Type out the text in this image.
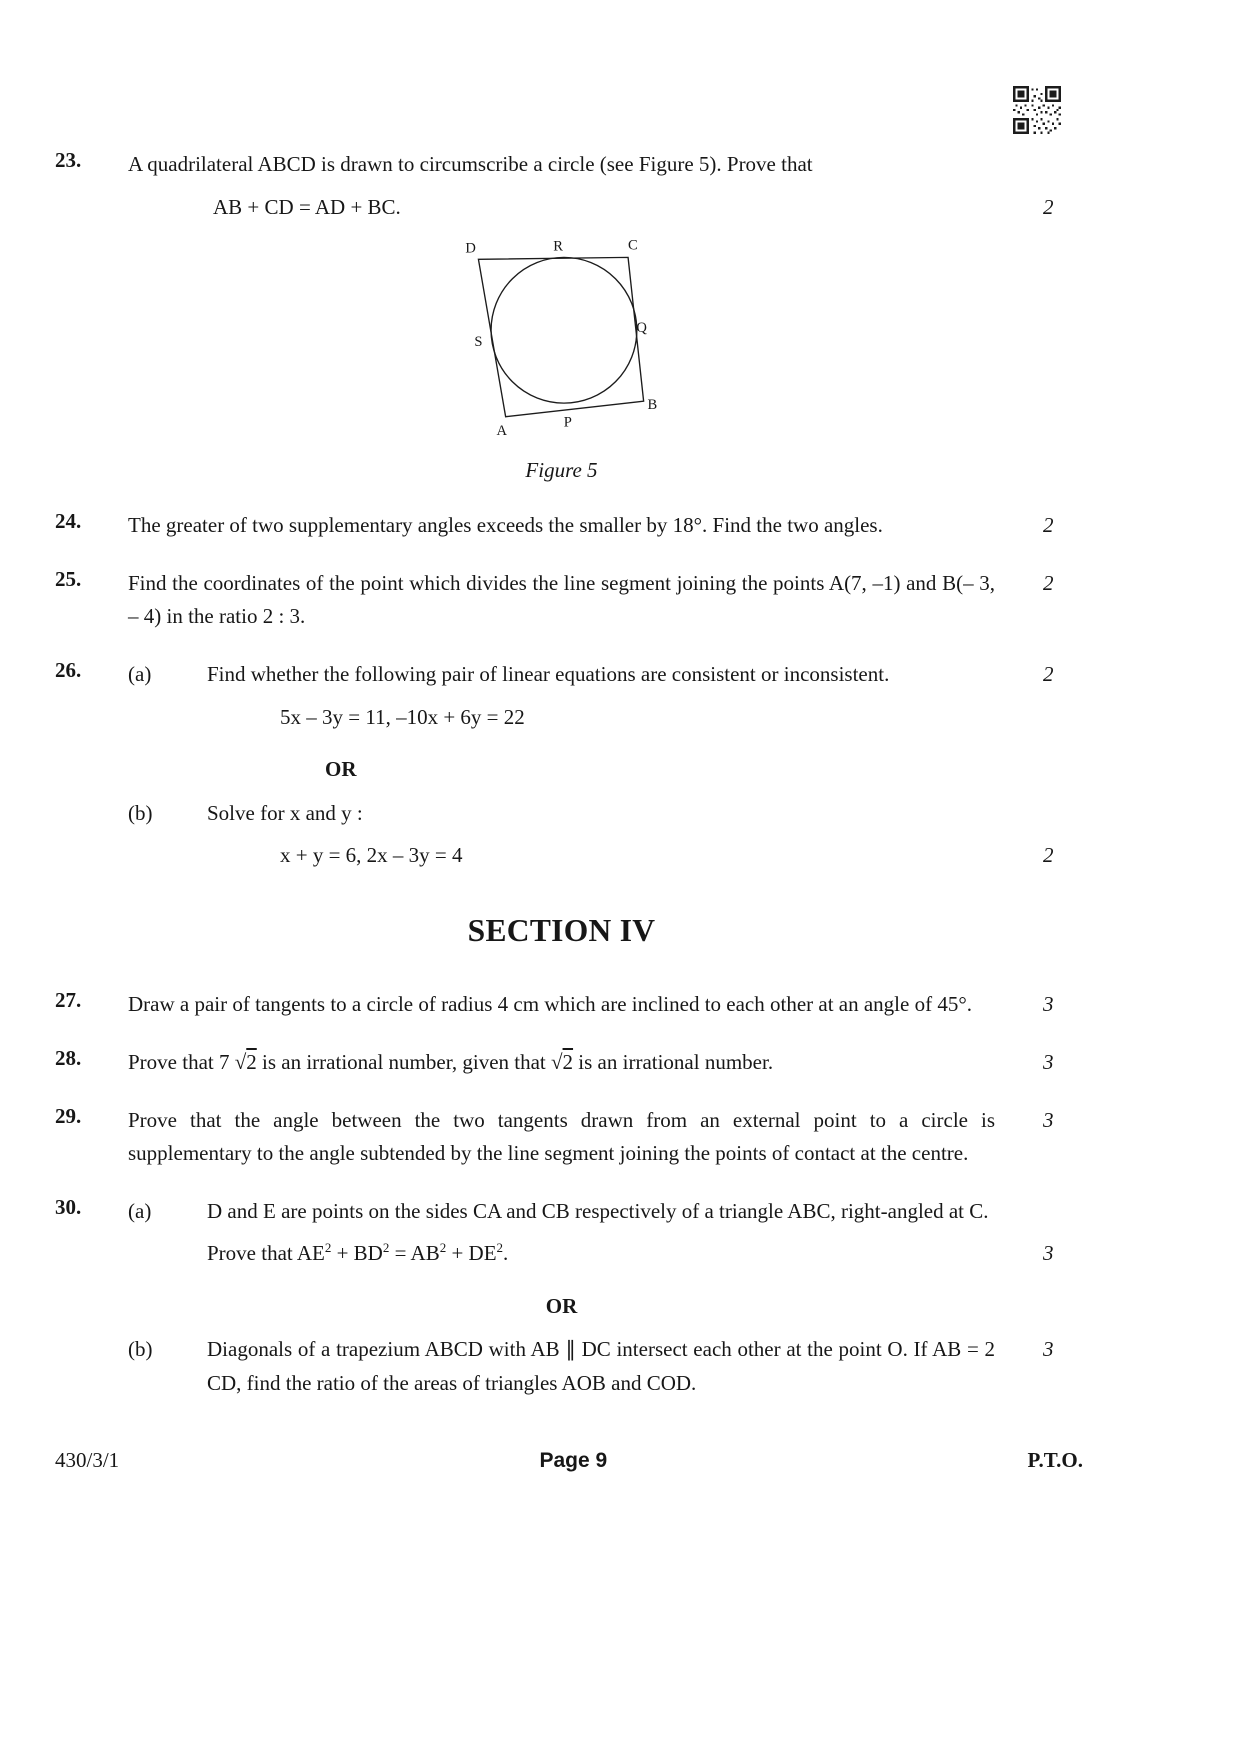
23.	A quadrilateral ABCD is drawn to circumscribe a circle (see Figure 5). Prove that

2
AB + CD = AD + BC.

D	R	C
Q
S
B
P
A
Figure 5
24.	2
The greater of two supplementary angles exceeds the smaller by 18°. Find the two angles.

25.	2
Find the coordinates of the point which divides the line segment joining the points A(7, –1) and B(– 3, – 4) in the ratio 2 : 3.

26.	(a)	2
Find whether the following pair of linear equations are consistent or inconsistent.

5x – 3y = 11, –10x + 6y = 22

OR

(b)	Solve for x and y :

2
x + y = 6, 2x – 3y = 4

SECTION IV
27.	3
Draw a pair of tangents to a circle of radius 4 cm which are inclined to each other at an angle of 45°.

28.	3
Prove that 7 √2 is an irrational number, given that √2 is an irrational number.

29.	3
Prove that the angle between the two tangents drawn from an external point to a circle is supplementary to the angle subtended by the line segment joining the points of contact at the centre.

30.	(a)	D and E are points on the sides CA and CB respectively of a triangle ABC, right-angled at C.

3
Prove that $AE^2 + BD^2 = AB^2 + DE^2$.

OR

(b)	3
Diagonals of a trapezium ABCD with AB ∥ DC intersect each other at the point O. If AB = 2 CD, find the ratio of the areas of triangles AOB and COD.

430/3/1	Page 9	P.T.O.
